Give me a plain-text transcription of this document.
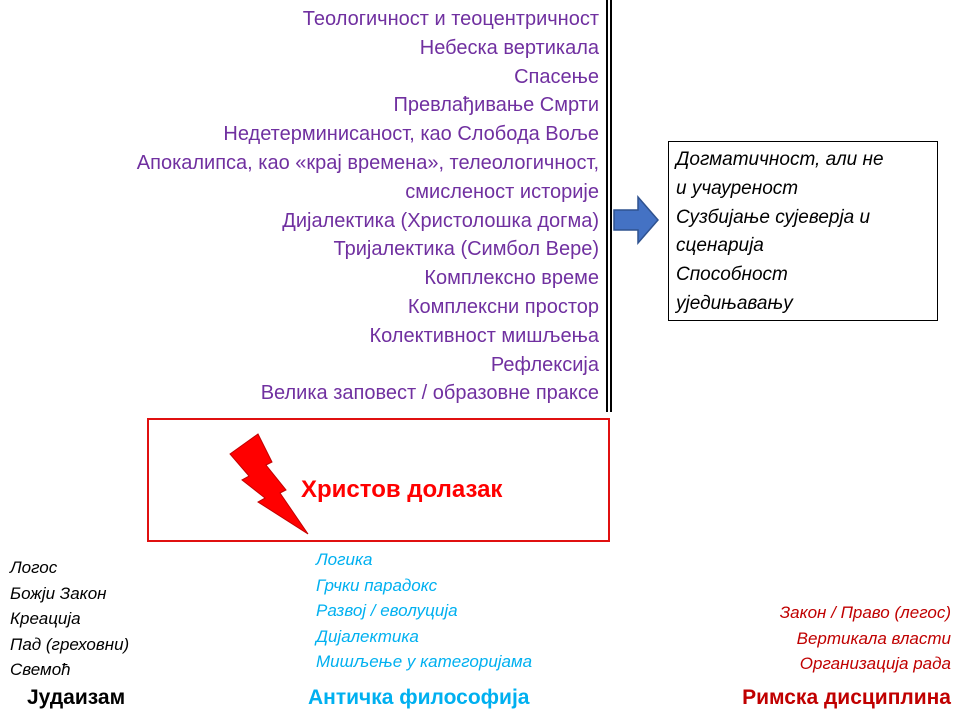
Теологичност и теоцентричност
Небеска вертикала
Спасење
Превлађивање Смрти
Недетерминисаност, као Слобода Воље
Апокалипса, као «крај времена», телеологичност,
смисленост историје
Дијалектика (Христолошка догма)
Тријалектика (Симбол Вере)
Комплексно време
Комплексни простор
Колективност мишљења
Рефлексија
Велика заповест / образовне праксе
Догматичност, али не
и учауреност
Сузбијање сујеверја и
сценарија
Способност
уједињавању
Христов долазак
Логос
Божји Закон
Креација
Пад (греховни)
Свемоћ
Логика
Грчки парадокс
Развој / еволуција
Дијалектика
Мишљење у категоријама
Закон / Право (легос)
Вертикала власти
Организација рада
Јудаизам	Античка философија	Римска дисциплина
